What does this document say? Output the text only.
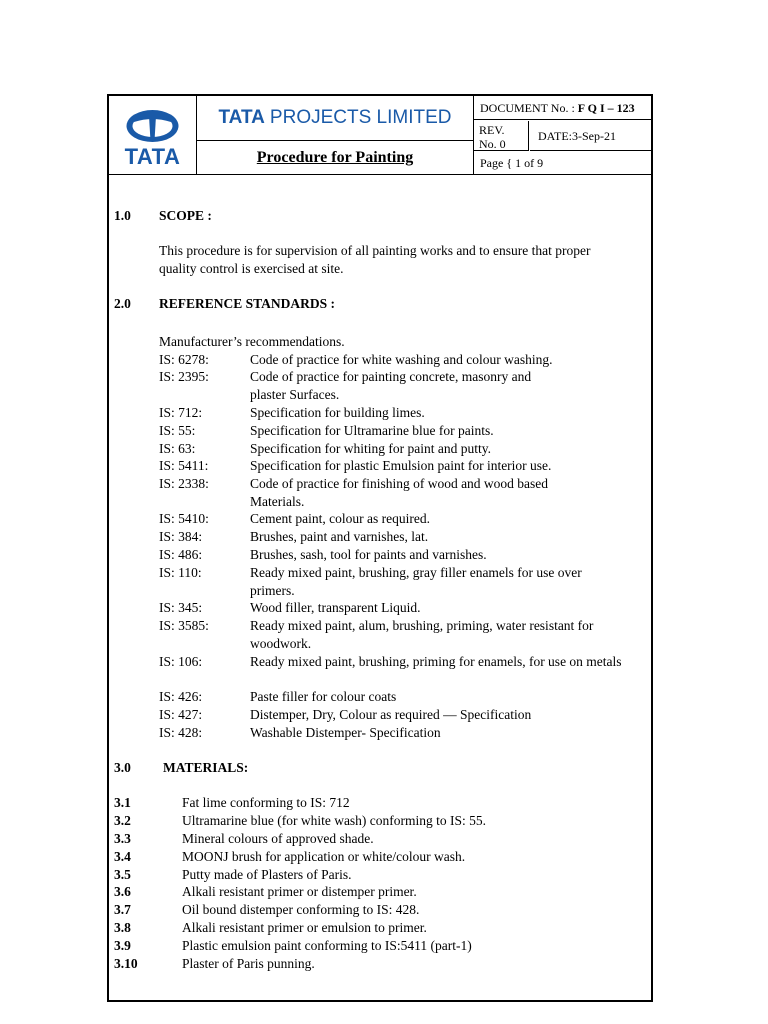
TATA
TATA PROJECTS LIMITED
Procedure for Painting
DOCUMENT No. : F Q I – 123
REV.
No. 0
DATE:3-Sep-21
Page { 1 of 9
1.0 SCOPE :
This procedure is for supervision of all painting works and to ensure that proper
quality control is exercised at site.
2.0 REFERENCE STANDARDS :
Manufacturer’s recommendations.
IS: 6278:	Code of practice for white washing and colour washing.
IS: 2395:	Code of practice for painting concrete, masonry and plaster Surfaces.
IS: 712:	Specification for building limes.
IS: 55:	Specification for Ultramarine blue for paints.
IS: 63:	Specification for whiting for paint and putty.
IS: 5411:	Specification for plastic Emulsion paint for interior use.
IS: 2338:	Code of practice for finishing of wood and wood based Materials.
IS: 5410:	Cement paint, colour as required.
IS: 384:	Brushes, paint and varnishes, lat.
IS: 486:	Brushes, sash, tool for paints and varnishes.
IS: 110:	Ready mixed paint, brushing, gray filler enamels for use over primers.
IS: 345:	Wood filler, transparent Liquid.
IS: 3585:	Ready mixed paint, alum, brushing, priming, water resistant for woodwork.
IS: 106:	Ready mixed paint, brushing, priming for enamels, for use on metals
IS: 426:	Paste filler for colour coats
IS: 427:	Distemper, Dry, Colour as required — Specification
IS: 428:	Washable Distemper- Specification
3.0 MATERIALS:
3.1	Fat lime conforming to IS: 712
3.2	Ultramarine blue (for white wash) conforming to IS: 55.
3.3	Mineral colours of approved shade.
3.4	MOONJ brush for application or white/colour wash.
3.5	Putty made of Plasters of Paris.
3.6	Alkali resistant primer or distemper primer.
3.7	Oil bound distemper conforming to IS: 428.
3.8	Alkali resistant primer or emulsion to primer.
3.9	Plastic emulsion paint conforming to IS:5411 (part-1)
3.10	Plaster of Paris punning.
